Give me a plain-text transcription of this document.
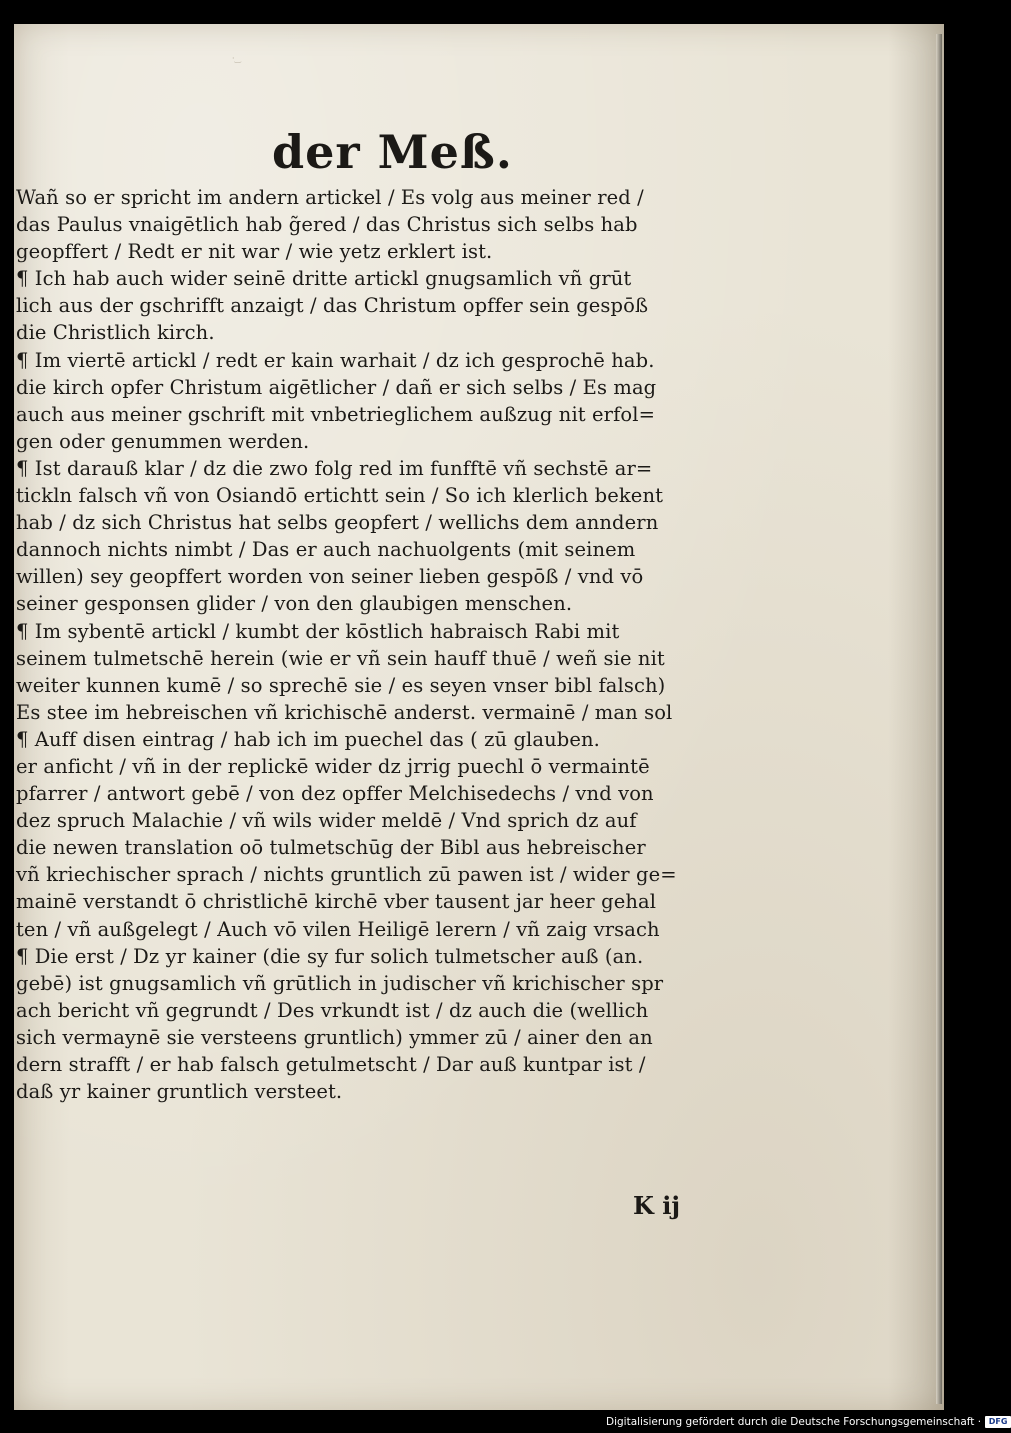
·‿
der Meß.
Wañ so er spricht im andern artickel / Es volg aus meiner red /
das Paulus vnaigētlich hab g̃ered / das Christus sich selbs hab
geopffert / Redt er nit war / wie yetz erklert ist.
¶ Ich hab auch wider seinē dritte artickl gnugsamlich vñ grūt
lich aus der gschrifft anzaigt / das Christum opffer sein gespōß
die Christlich kirch.
¶ Im viertē artickl / redt er kain warhait / dz ich gesprochē hab.
die kirch opfer Christum aigētlicher / dañ er sich selbs / Es mag
auch aus meiner gschrift mit vnbetrieglichem außzug nit erfol=
gen oder genummen werden.
¶ Ist darauß klar / dz die zwo folg red im funfftē vñ sechstē ar=
tickln falsch vñ von Osiandō ertichtt sein / So ich klerlich bekent
hab / dz sich Christus hat selbs geopfert / wellichs dem anndern
dannoch nichts nimbt / Das er auch nachuolgents (mit seinem
willen) sey geopffert worden von seiner lieben gespōß / vnd vō
seiner gesponsen glider / von den glaubigen menschen.
¶ Im sybentē artickl / kumbt der kōstlich habraisch Rabi mit
seinem tulmetschē herein (wie er vñ sein hauff thuē / weñ sie nit
weiter kunnen kumē / so sprechē sie / es seyen vnser bibl falsch)
Es stee im hebreischen vñ krichischē anderst. vermainē / man sol
¶ Auff disen eintrag / hab ich im puechel das ( zū glauben.
er anficht / vñ in der replickē wider dz jrrig puechl ō vermaintē
pfarrer / antwort gebē / von dez opffer Melchisedechs / vnd von
dez spruch Malachie / vñ wils wider meldē / Vnd sprich dz auf
die newen translation oō tulmetschūg der Bibl aus hebreischer
vñ kriechischer sprach / nichts gruntlich zū pawen ist / wider ge=
mainē verstandt ō christlichē kirchē vber tausent jar heer gehal
ten / vñ außgelegt / Auch vō vilen Heiligē lerern / vñ zaig vrsach
¶ Die erst / Dz yr kainer (die sy fur solich tulmetscher auß (an.
gebē) ist gnugsamlich vñ grūtlich in judischer vñ krichischer spr
ach bericht vñ gegrundt / Des vrkundt ist / dz auch die (wellich
sich vermaynē sie versteens gruntlich) ymmer zū / ainer den an
dern strafft / er hab falsch getulmetscht / Dar auß kuntpar ist /
daß yr kainer gruntlich versteet.
K ij
Digitalisierung gefördert durch die Deutsche Forschungsgemeinschaft · DFG
